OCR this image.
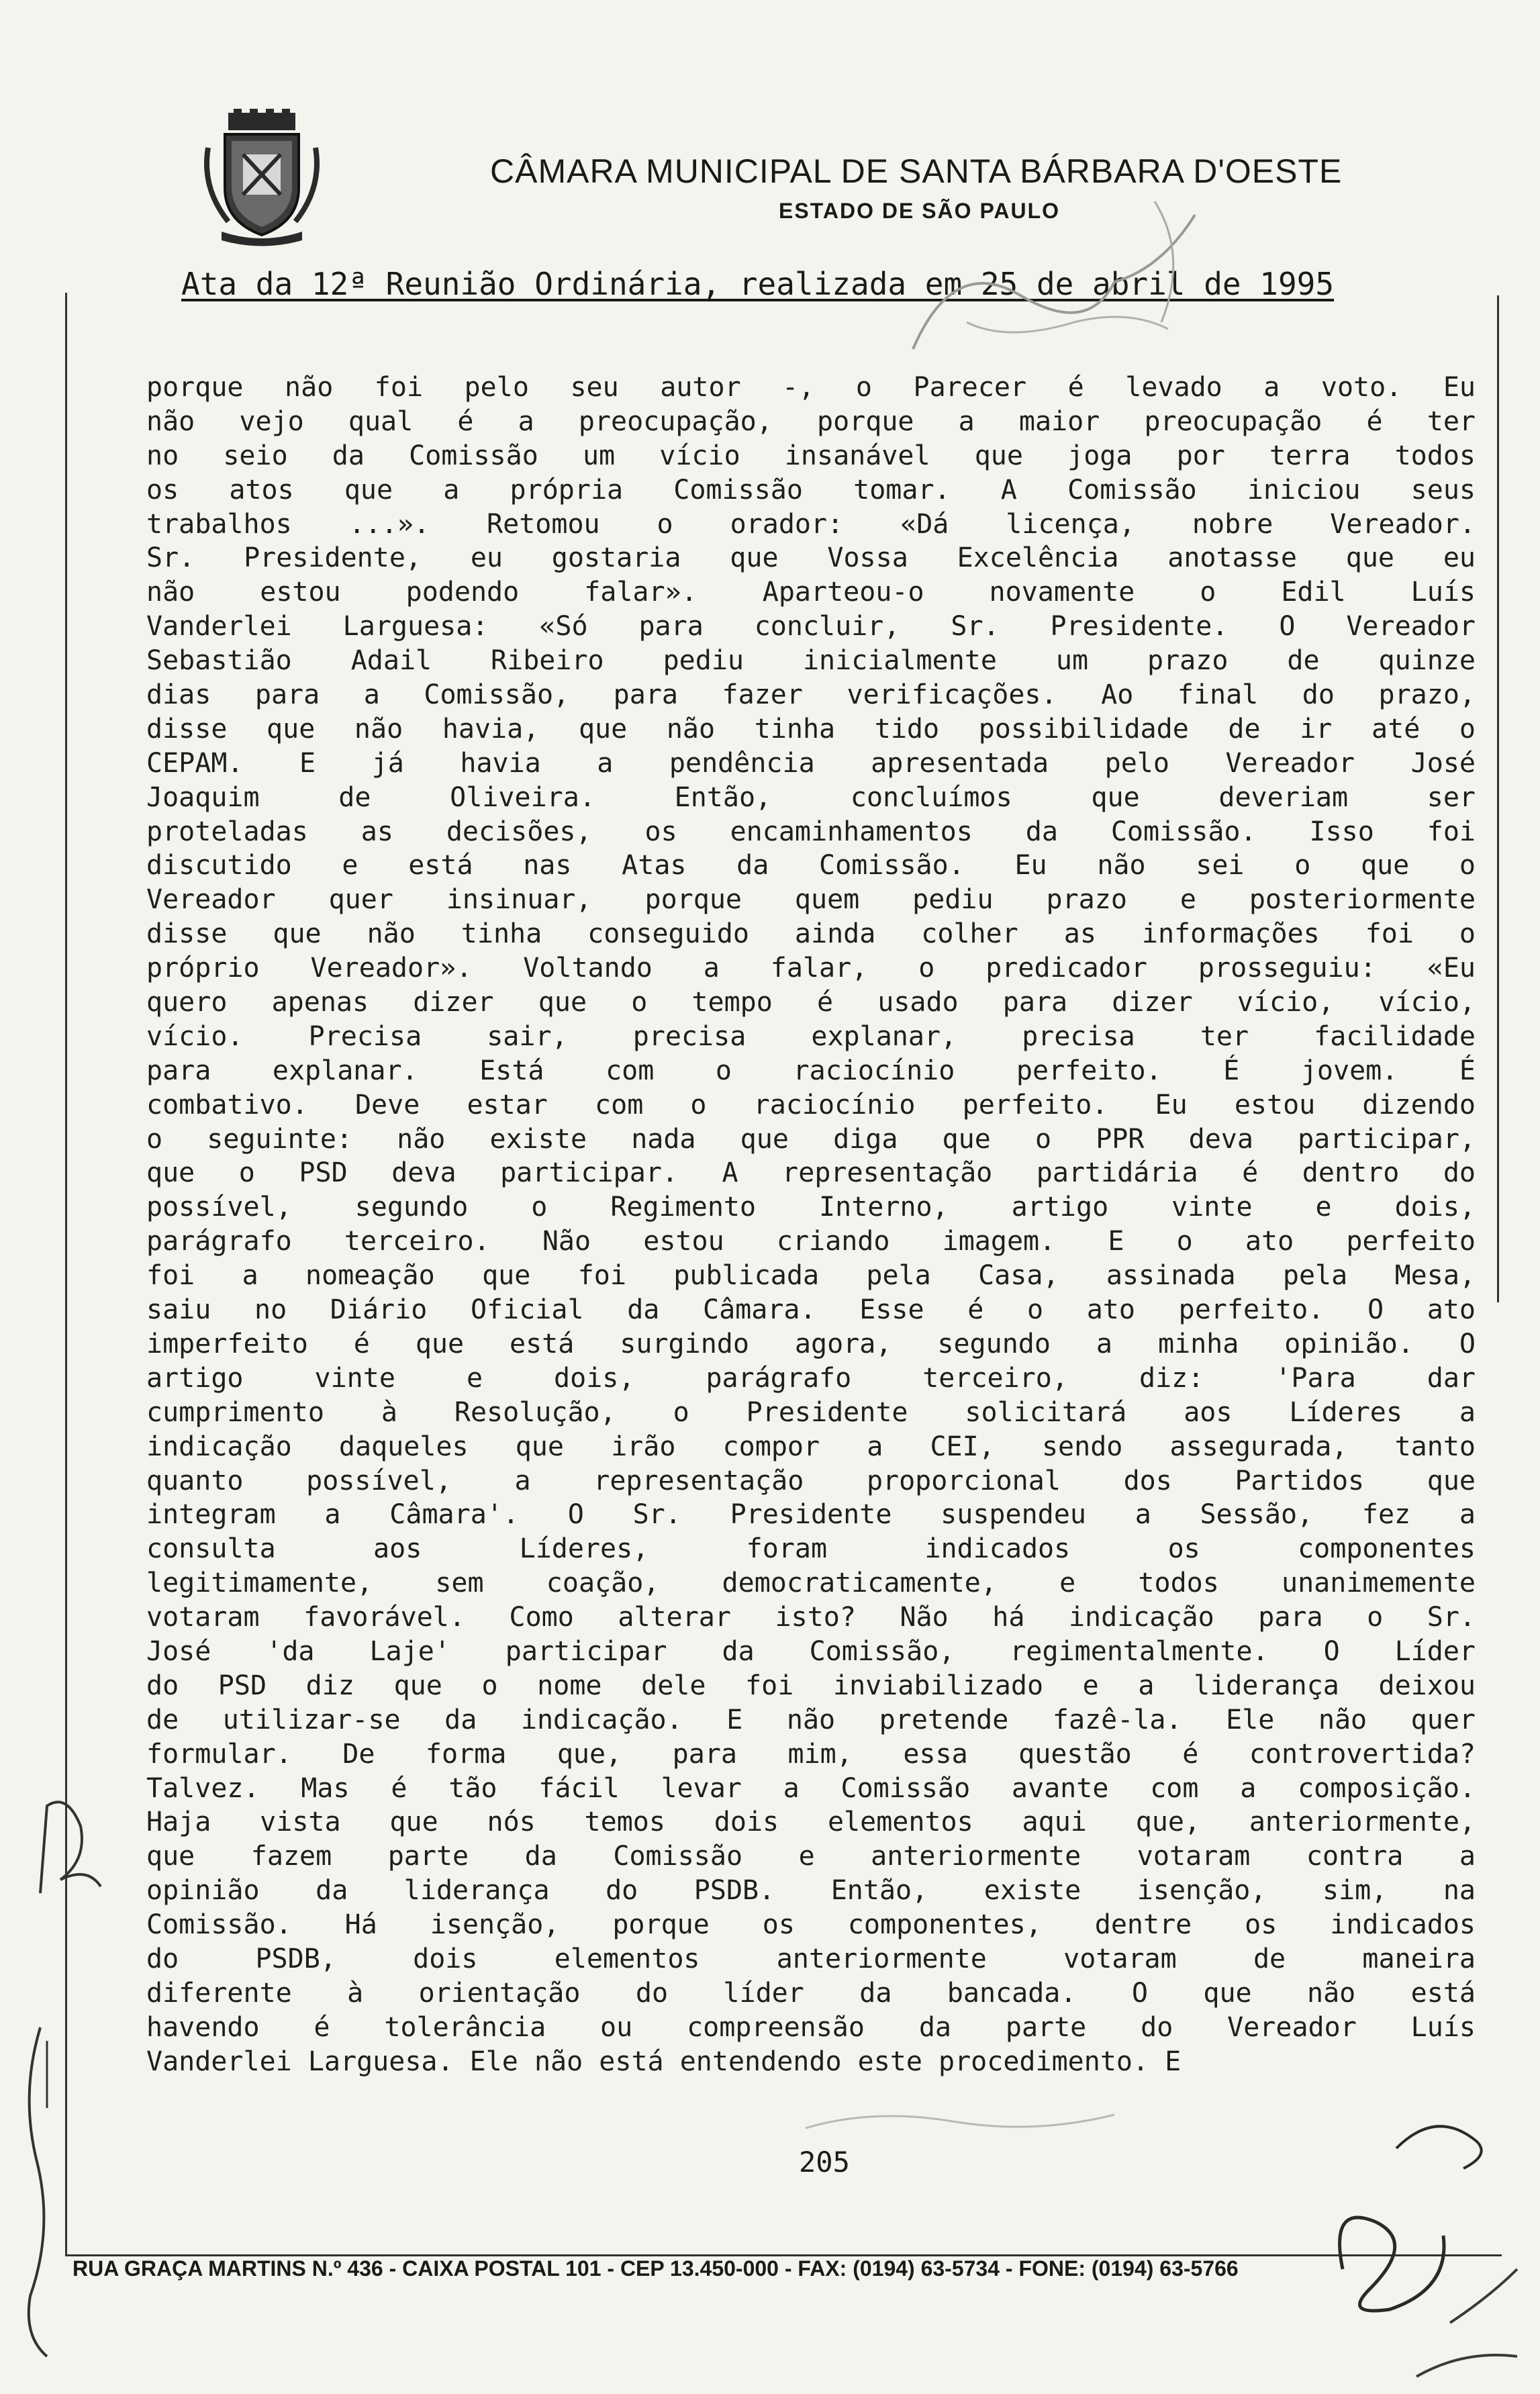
CÂMARA MUNICIPAL DE SANTA BÁRBARA D'OESTE
ESTADO DE SÃO PAULO
Ata da 12ª Reunião Ordinária, realizada em 25 de abril de 1995
porque não foi pelo seu autor -, o Parecer é levado a voto. Eu
não vejo qual é a preocupação, porque a maior preocupação é ter
no seio da Comissão um vício insanável que joga por terra todos
os atos que a própria Comissão tomar. A Comissão iniciou seus
trabalhos ...». Retomou o orador: «Dá licença, nobre Vereador.
Sr. Presidente, eu gostaria que Vossa Excelência anotasse que eu
não estou podendo falar». Aparteou-o novamente o Edil Luís
Vanderlei Larguesa: «Só para concluir, Sr. Presidente. O Vereador
Sebastião Adail Ribeiro pediu inicialmente um prazo de quinze
dias para a Comissão, para fazer verificações. Ao final do prazo,
disse que não havia, que não tinha tido possibilidade de ir até o
CEPAM. E já havia a pendência apresentada pelo Vereador José
Joaquim de Oliveira. Então, concluímos que deveriam ser
proteladas as decisões, os encaminhamentos da Comissão. Isso foi
discutido e está nas Atas da Comissão. Eu não sei o que o
Vereador quer insinuar, porque quem pediu prazo e posteriormente
disse que não tinha conseguido ainda colher as informações foi o
próprio Vereador». Voltando a falar, o predicador prosseguiu: «Eu
quero apenas dizer que o tempo é usado para dizer vício, vício,
vício. Precisa sair, precisa explanar, precisa ter facilidade
para explanar. Está com o raciocínio perfeito. É jovem. É
combativo. Deve estar com o raciocínio perfeito. Eu estou dizendo
o seguinte: não existe nada que diga que o PPR deva participar,
que o PSD deva participar. A representação partidária é dentro do
possível, segundo o Regimento Interno, artigo vinte e dois,
parágrafo terceiro. Não estou criando imagem. E o ato perfeito
foi a nomeação que foi publicada pela Casa, assinada pela Mesa,
saiu no Diário Oficial da Câmara. Esse é o ato perfeito. O ato
imperfeito é que está surgindo agora, segundo a minha opinião. O
artigo vinte e dois, parágrafo terceiro, diz: 'Para dar
cumprimento à Resolução, o Presidente solicitará aos Líderes a
indicação daqueles que irão compor a CEI, sendo assegurada, tanto
quanto possível, a representação proporcional dos Partidos que
integram a Câmara'. O Sr. Presidente suspendeu a Sessão, fez a
consulta aos Líderes, foram indicados os componentes
legitimamente, sem coação, democraticamente, e todos unanimemente
votaram favorável. Como alterar isto? Não há indicação para o Sr.
José 'da Laje' participar da Comissão, regimentalmente. O Líder
do PSD diz que o nome dele foi inviabilizado e a liderança deixou
de utilizar-se da indicação. E não pretende fazê-la. Ele não quer
formular. De forma que, para mim, essa questão é controvertida?
Talvez. Mas é tão fácil levar a Comissão avante com a composição.
Haja vista que nós temos dois elementos aqui que, anteriormente,
que fazem parte da Comissão e anteriormente votaram contra a
opinião da liderança do PSDB. Então, existe isenção, sim, na
Comissão. Há isenção, porque os componentes, dentre os indicados
do PSDB, dois elementos anteriormente votaram de maneira
diferente à orientação do líder da bancada. O que não está
havendo é tolerância ou compreensão da parte do Vereador Luís
Vanderlei Larguesa. Ele não está entendendo este procedimento. E
205
RUA GRAÇA MARTINS N.º 436 - CAIXA POSTAL 101 - CEP 13.450-000 - FAX: (0194) 63-5734 - FONE: (0194) 63-5766
